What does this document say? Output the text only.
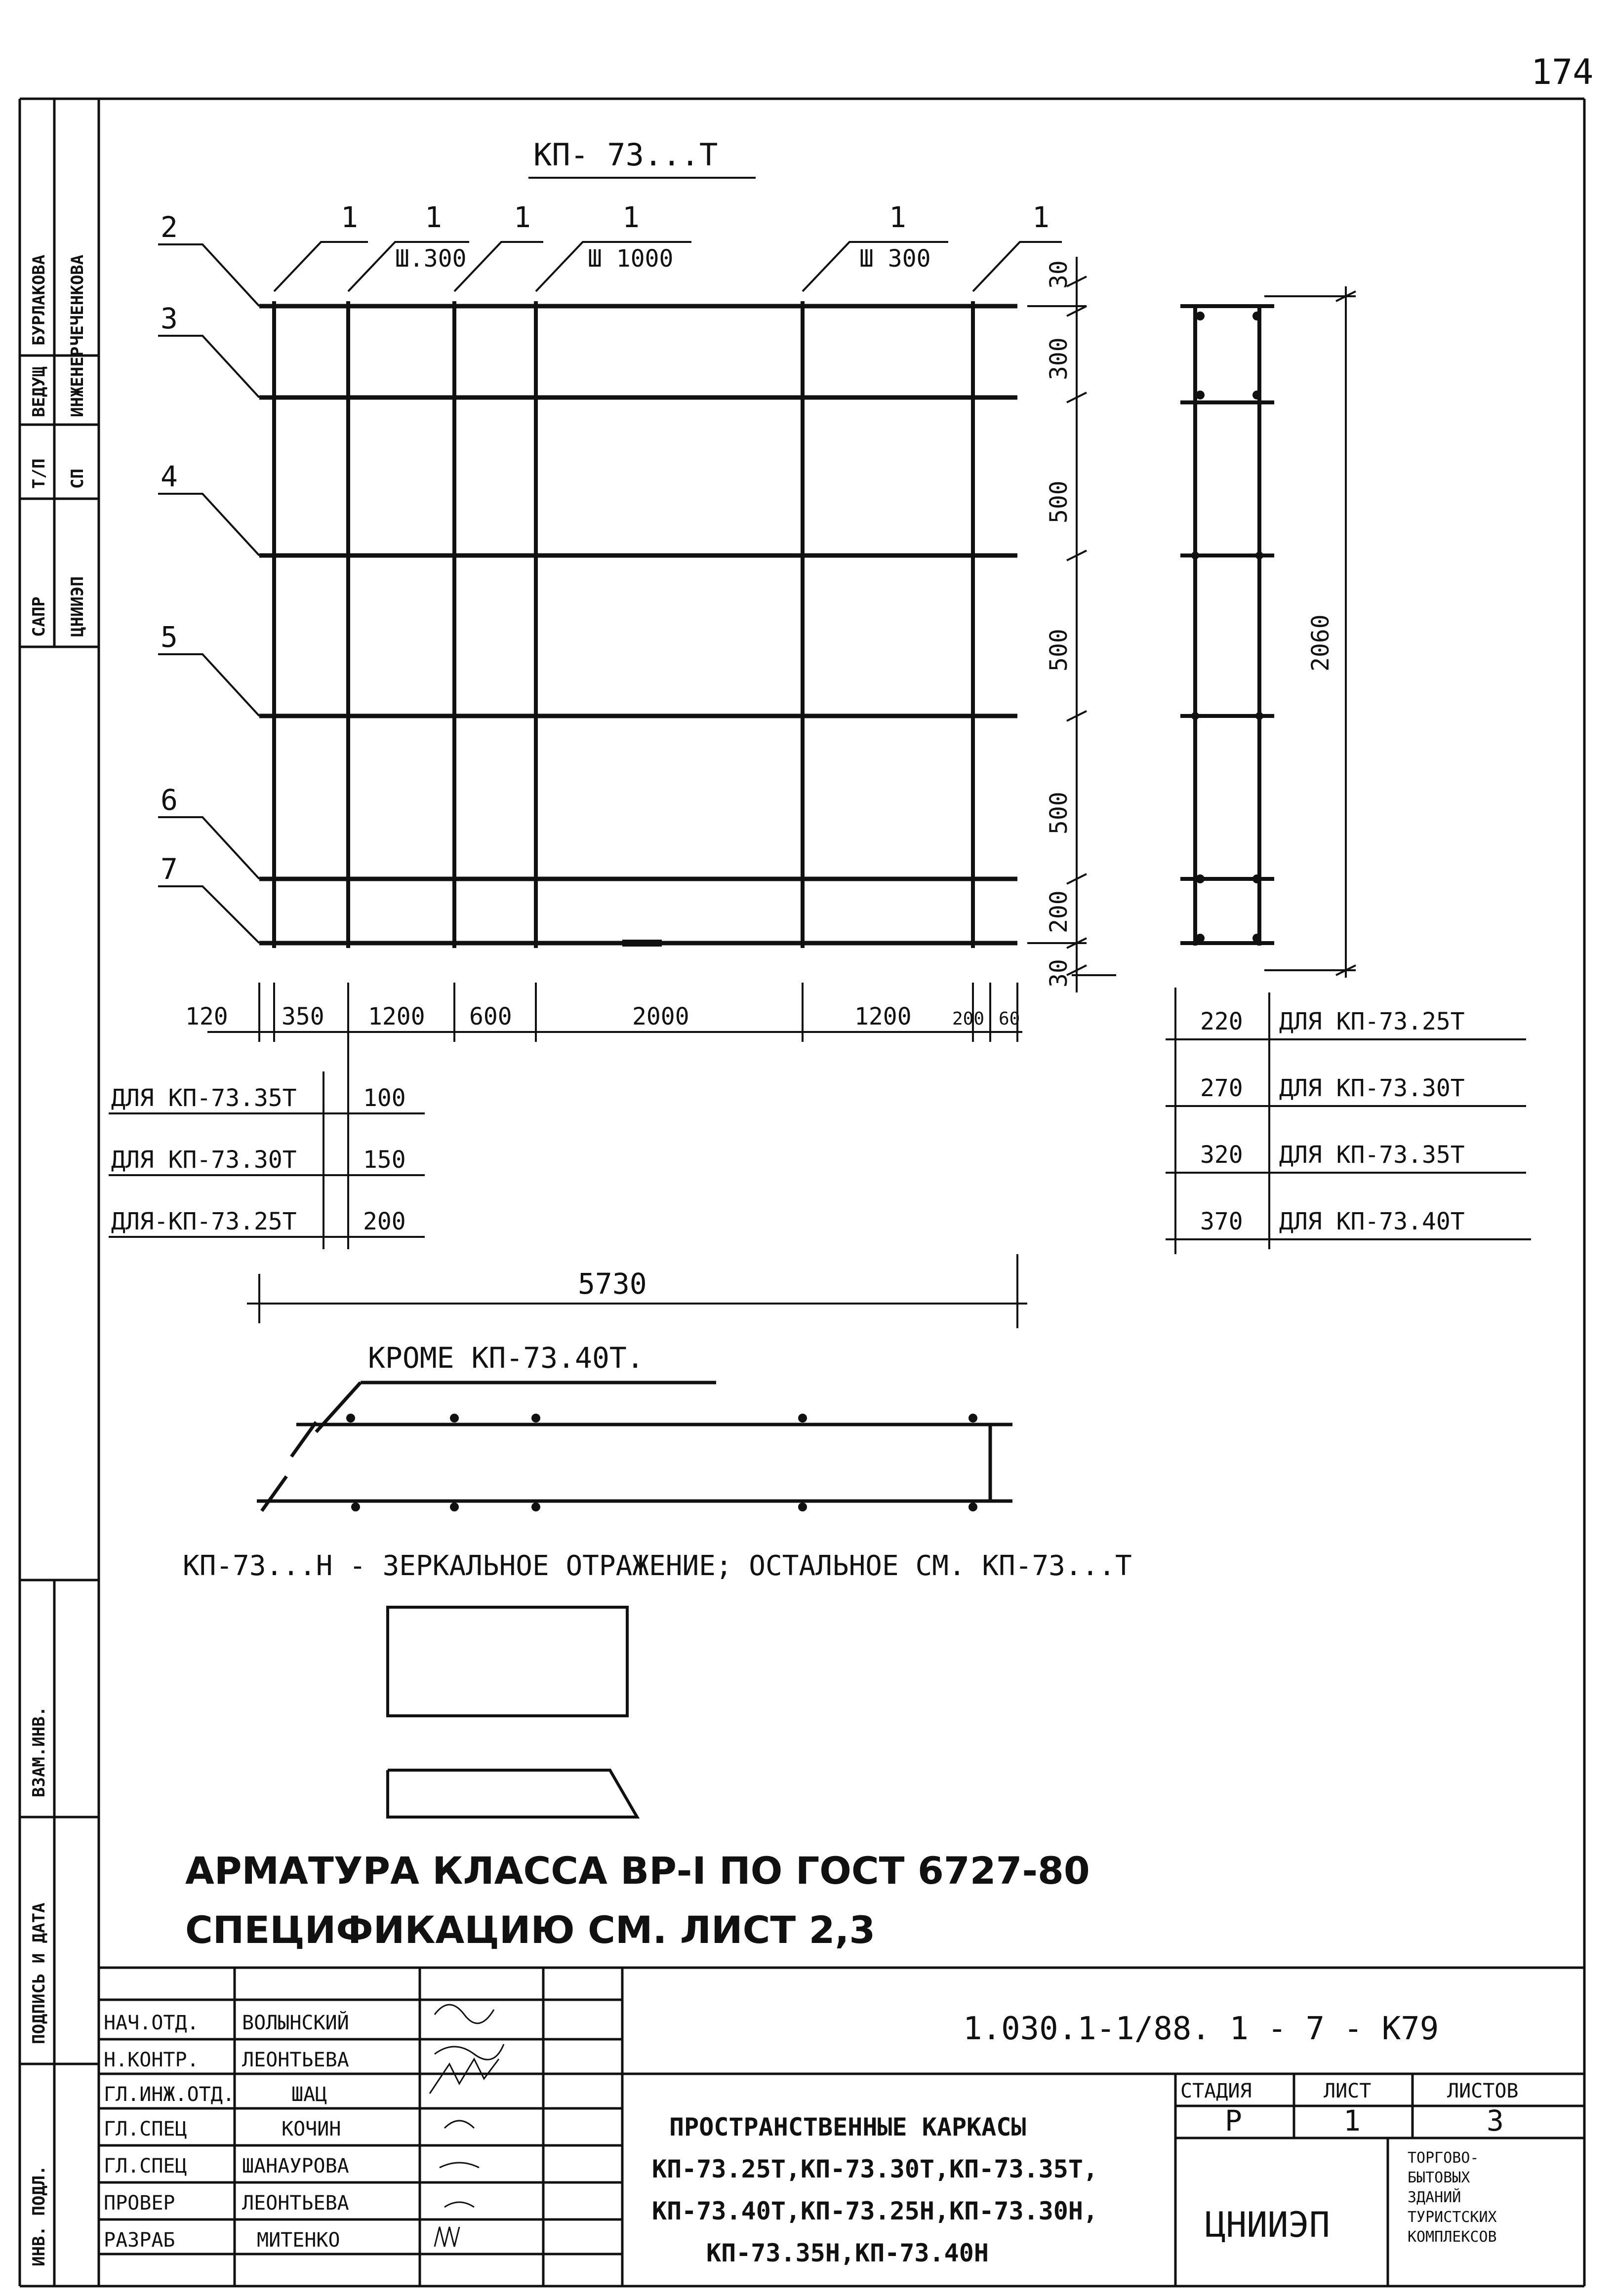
174
САПР
Т/П
ВЕДУЩ
БУРЛАКОВА
ЦНИИЭП
СП
ИНЖЕНЕР
ЧЕЧЕНКОВА
ВЗАМ.ИНВ.
ПОДПИСЬ И ДАТА
ИНВ. ПОДЛ.
КП- 73...Т
1 1	1	1	1	1
Ш.300	Ш 1000	Ш 300
2
3
4
5
6
7
30
300
500
500
500
200
30
120 350 1200 600	2000	1200 200 60
ДЛЯ КП-73.35Т	100
ДЛЯ КП-73.30Т	150
ДЛЯ-КП-73.25Т	200
5730
2060
220 ДЛЯ КП-73.25Т
270 ДЛЯ КП-73.30Т
320 ДЛЯ КП-73.35Т
370 ДЛЯ КП-73.40Т
КРОМЕ КП-73.40Т.
КП-73...Н - ЗЕРКАЛЬНОЕ ОТРАЖЕНИЕ; ОСТАЛЬНОЕ СМ. КП-73...Т
АРМАТУРА КЛАССА ВР-I ПО ГОСТ 6727-80
СПЕЦИФИКАЦИЮ СМ. ЛИСТ 2,3
НАЧ.ОТД. ВОЛЫНСКИЙ
Н.КОНТР. ЛЕОНТЬЕВА
ГЛ.ИНЖ.ОТД.	ШАЦ
ГЛ.СПЕЦ	КОЧИН
ГЛ.СПЕЦ	ШАНАУРОВА
ПРОВЕР	ЛЕОНТЬЕВА
РАЗРАБ	МИТЕНКО
1.030.1-1/88. 1 - 7 - К79
ПРОСТРАНСТВЕННЫЕ КАРКАСЫ
КП-73.25Т,КП-73.30Т,КП-73.35Т,
КП-73.40Т,КП-73.25Н,КП-73.30Н,
КП-73.35Н,КП-73.40Н
СТАДИЯ	ЛИСТ	ЛИСТОВ
Р	1	3
ЦНИИЭП
ТОРГОВО-
БЫТОВЫХ
ЗДАНИЙ
ТУРИСТСКИХ
КОМПЛЕКСОВ
